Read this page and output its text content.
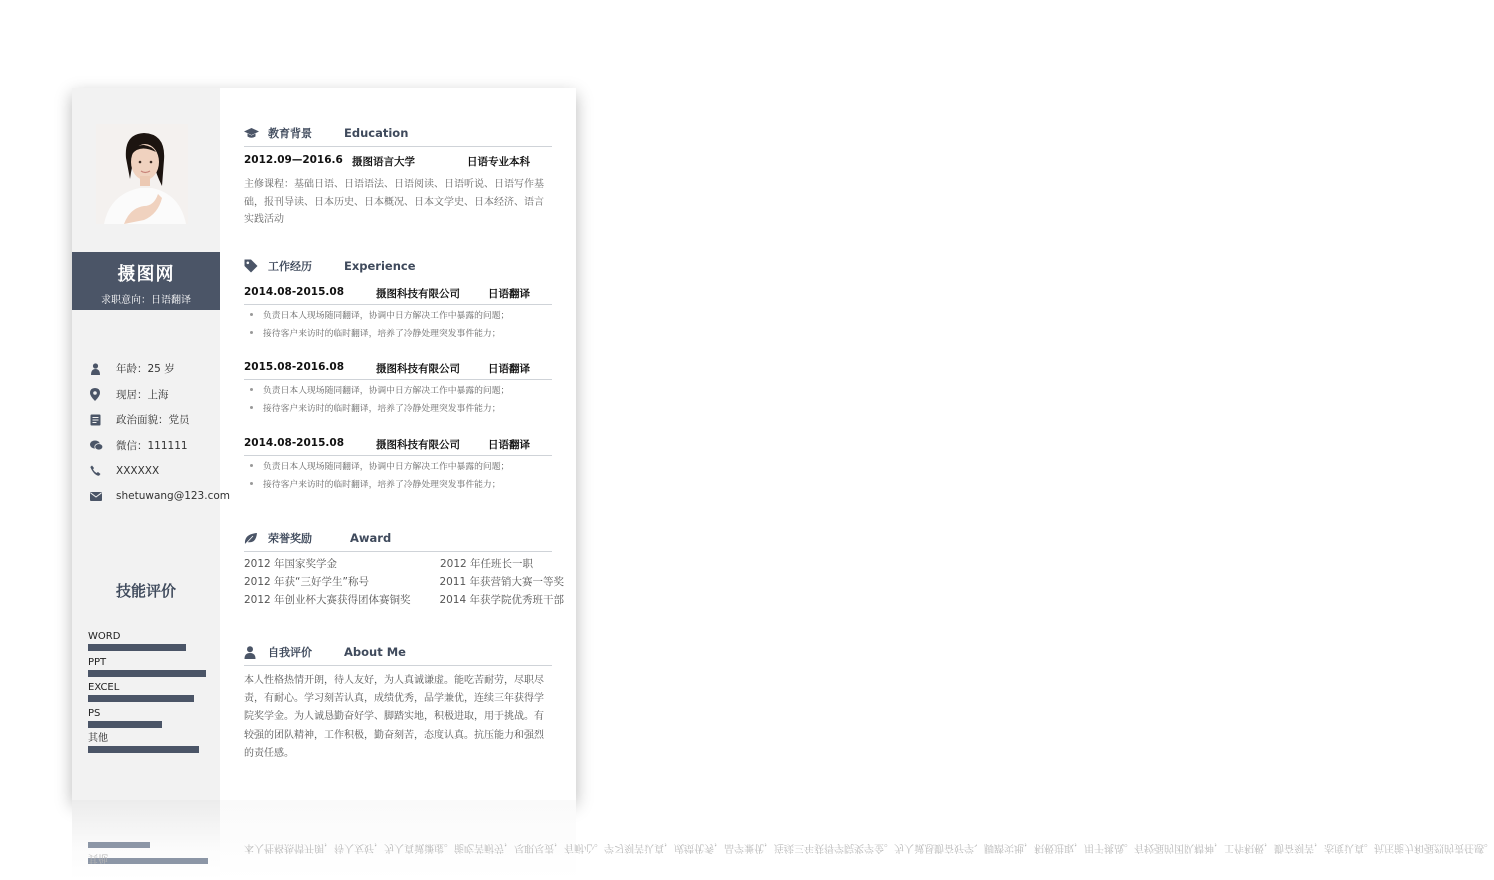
摄图网
求职意向：日语翻译
年龄：25 岁
现居：上海
政治面貌：党员
微信：111111
XXXXXX
shetuwang@123.com
技能评价
WORD
PPT
EXCEL
PS
其他
教育背景	Education
2012.09—2016.6 摄图语言大学	日语专业本科
主修课程：基础日语、日语语法、日语阅读、日语听说、日语写作基础，报刊导读、日本历史、日本概况、日本文学史、日本经济、语言实践活动
工作经历	Experience
2014.08-2015.08	摄图科技有限公司	日语翻译
负责日本人现场随同翻译，协调中日方解决工作中暴露的问题；
接待客户来访时的临时翻译，培养了冷静处理突发事件能力；
2015.08-2016.08	摄图科技有限公司	日语翻译
负责日本人现场随同翻译，协调中日方解决工作中暴露的问题；
接待客户来访时的临时翻译，培养了冷静处理突发事件能力；
2014.08-2015.08	摄图科技有限公司	日语翻译
负责日本人现场随同翻译，协调中日方解决工作中暴露的问题；
接待客户来访时的临时翻译，培养了冷静处理突发事件能力；
荣誉奖励	Award
2012 年国家奖学金	2012 年任班长一职
2012 年获“三好学生”称号	2011 年获营销大赛一等奖
2012 年创业杯大赛获得团体赛铜奖	2014 年获学院优秀班干部
自我评价	About Me
本人性格热情开朗，待人友好，为人真诚谦虚。能吃苦耐劳，尽职尽责，有耐心。学习刻苦认真，成绩优秀，品学兼优，连续三年获得学院奖学金。为人诚恳勤奋好学、脚踏实地，积极进取，用于挑战。有较强的团队精神，工作积极，勤奋刻苦，态度认真。抗压能力和强烈的责任感。
其他
本人性格热情开朗，待人友好，为人真诚谦虚。能吃苦耐劳，尽职尽责，有耐心。学习刻苦认真，成绩优秀，品学兼优，连续三年获得学院奖学金。为人诚恳勤奋好学、脚踏实地，积极进取，用于挑战。有较强的团队精神，工作积极，勤奋刻苦，态度认真。抗压能力和强烈的责任感。
